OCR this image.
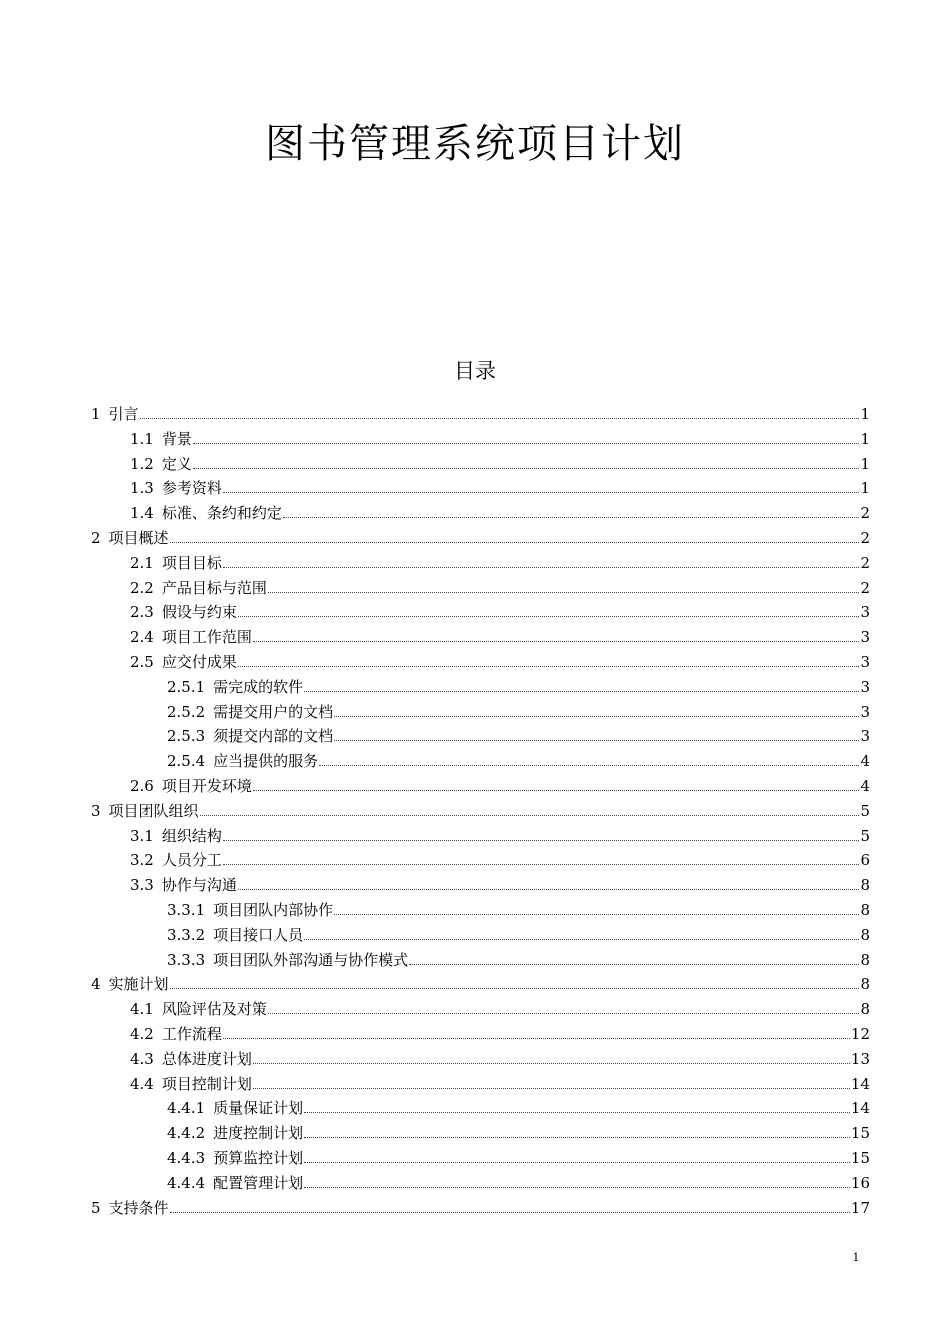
图书管理系统项目计划
目录
1 引言	1
1.1 背景	1
1.2 定义	1
1.3 参考资料	1
1.4 标准、条约和约定	2
2 项目概述	2
2.1 项目目标	2
2.2 产品目标与范围	2
2.3 假设与约束	3
2.4 项目工作范围	3
2.5 应交付成果	3
2.5.1 需完成的软件	3
2.5.2 需提交用户的文档	3
2.5.3 须提交内部的文档	3
2.5.4 应当提供的服务	4
2.6 项目开发环境	4
3 项目团队组织	5
3.1 组织结构	5
3.2 人员分工	6
3.3 协作与沟通	8
3.3.1 项目团队内部协作	8
3.3.2 项目接口人员	8
3.3.3 项目团队外部沟通与协作模式	8
4 实施计划	8
4.1 风险评估及对策	8
4.2 工作流程	12
4.3 总体进度计划	13
4.4 项目控制计划	14
4.4.1 质量保证计划	14
4.4.2 进度控制计划	15
4.4.3 预算监控计划	15
4.4.4 配置管理计划	16
5 支持条件	17
1
